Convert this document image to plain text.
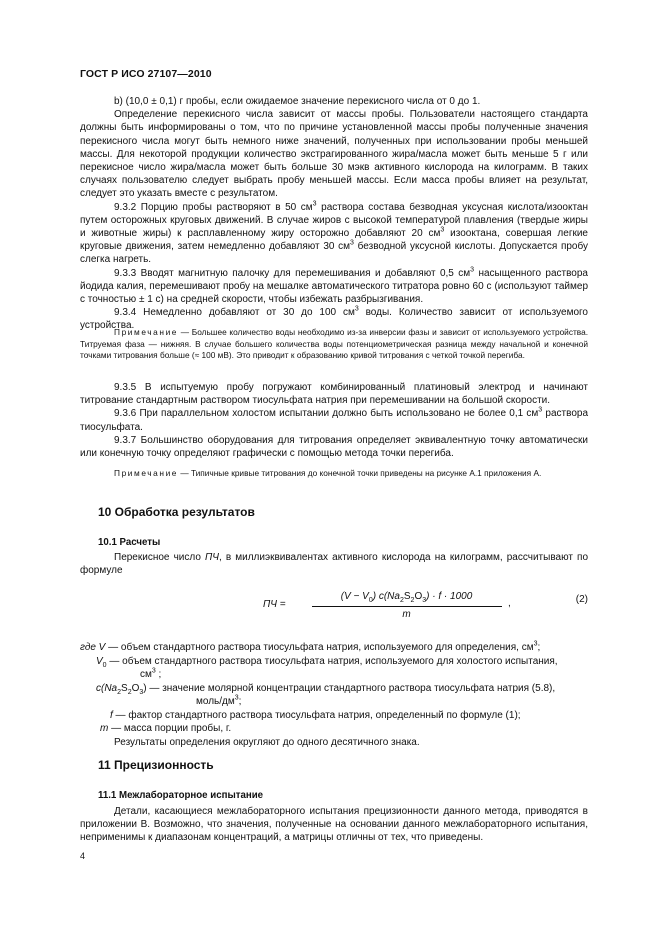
ГОСТ Р ИСО 27107—2010

b) (10,0 ± 0,1) г пробы, если ожидаемое значение перекисного числа от 0 до 1.

Определение перекисного числа зависит от массы пробы. Пользователи настоящего стандарта должны быть информированы о том, что по причине установленной массы пробы полученные значения перекисного числа могут быть немного ниже значений, полученных при использовании пробы меньшей массы. Для некоторой продукции количество экстрагированного жира/масла может быть меньше 5 г или перекисное число жира/масла может быть больше 30 мэкв активного кислорода на килограмм. В таких случаях пользователю следует выбрать пробу меньшей массы. Если масса пробы влияет на результат, следует это указать вместе с результатом.

9.3.2 Порцию пробы растворяют в 50 $см^3$ раствора состава безводная уксусная кислота/изооктан путем осторожных круговых движений. В случае жиров с высокой температурой плавления (твердые жиры и животные жиры) к расплавленному жиру осторожно добавляют 20 $см^3$ изооктана, совершая легкие круговые движения, затем немедленно добавляют 30 $см^3$ безводной уксусной кислоты. Допускается пробу слегка нагреть.

9.3.3 Вводят магнитную палочку для перемешивания и добавляют 0,5 $см^3$ насыщенного раствора йодида калия, перемешивают пробу на мешалке автоматического титратора ровно 60 с (используют таймер с точностью ± 1 с) на средней скорости, чтобы избежать разбрызгивания.

9.3.4 Немедленно добавляют от 30 до 100 $см^3$ воды. Количество зависит от используемого устройства.

Примечание — Большее количество воды необходимо из-за инверсии фазы и зависит от используемого устройства. Титруемая фаза — нижняя. В случае большего количества воды потенциометрическая разница между начальной и конечной точками титрования больше (≈ 100 мВ). Это приводит к образованию кривой титрования с четкой точкой перегиба.

9.3.5 В испытуемую пробу погружают комбинированный платиновый электрод и начинают титрование стандартным раствором тиосульфата натрия при перемешивании на большой скорости.

9.3.6 При параллельном холостом испытании должно быть использовано не более 0,1 $см^3$ раствора тиосульфата.

9.3.7 Большинство оборудования для титрования определяет эквивалентную точку автоматически или конечную точку определяют графически с помощью метода точки перегиба.

Примечание — Типичные кривые титрования до конечной точки приведены на рисунке А.1 приложения А.

10 Обработка результатов
10.1 Расчеты

Перекисное число ПЧ, в миллиэквивалентах активного кислорода на килограмм, рассчитывают по формуле

ПЧ =
$(V - V_0)$ $c(Na_2S_2O_3) \cdot f \cdot 1000$
m
,	(2)
где V — объем стандартного раствора тиосульфата натрия, используемого для определения, $см^3$;
$V_0$ — объем стандартного раствора тиосульфата натрия, используемого для холостого испытания,
$см^3$ ;
$c(Na_2S_2O_3)$ — значение молярной концентрации стандартного раствора тиосульфата натрия (5.8),
моль/$дм^3$;
f — фактор стандартного раствора тиосульфата натрия, определенный по формуле (1);
m — масса порции пробы, г.
Результаты определения округляют до одного десятичного знака.
11 Прецизионность
11.1 Межлабораторное испытание

Детали, касающиеся межлабораторного испытания прецизионности данного метода, приводятся в приложении В. Возможно, что значения, полученные на основании данного межлабораторного испытания, неприменимы к диапазонам концентраций, а матрицы отличны от тех, что приведены.

4
